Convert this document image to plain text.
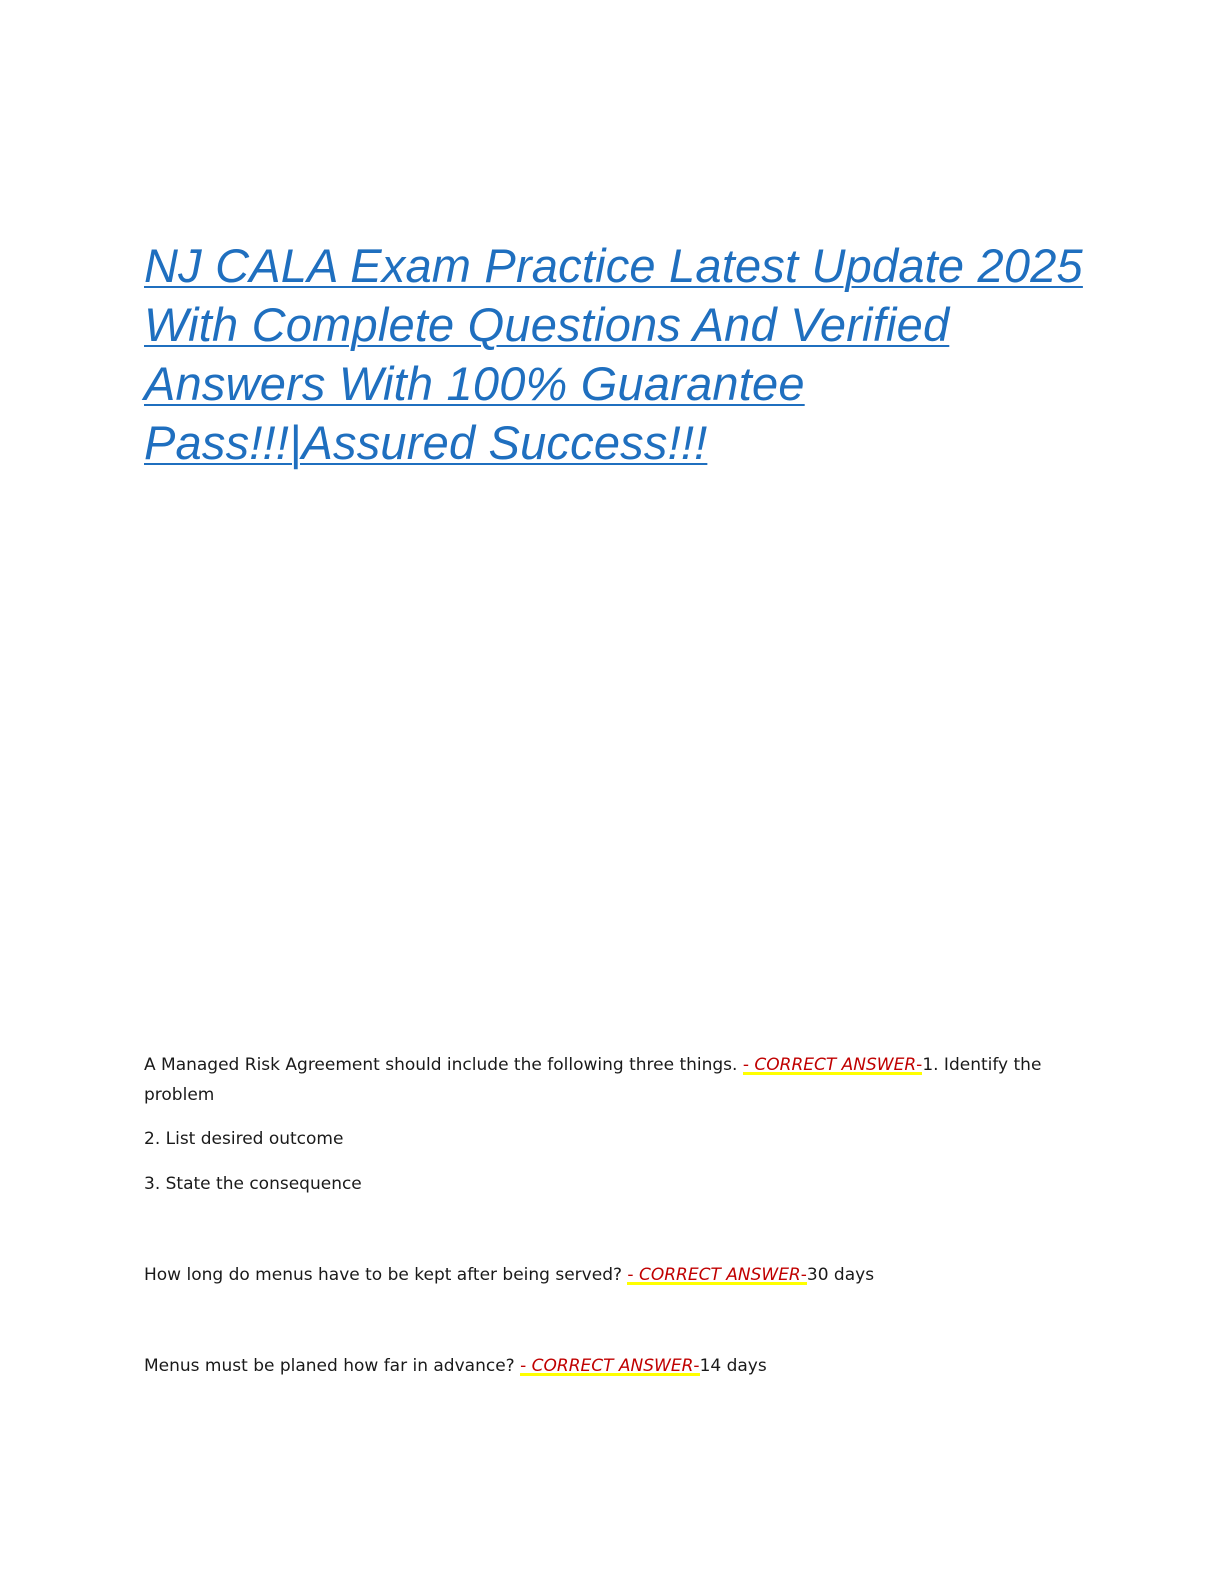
NJ CALA Exam Practice Latest Update 2025 With Complete Questions And Verified Answers With 100% Guarantee Pass!!!|Assured Success!!!

A Managed Risk Agreement should include the following three things. - CORRECT ANSWER-1. Identify the problem

2. List desired outcome

3. State the consequence

How long do menus have to be kept after being served? - CORRECT ANSWER-30 days

Menus must be planed how far in advance? - CORRECT ANSWER-14 days
